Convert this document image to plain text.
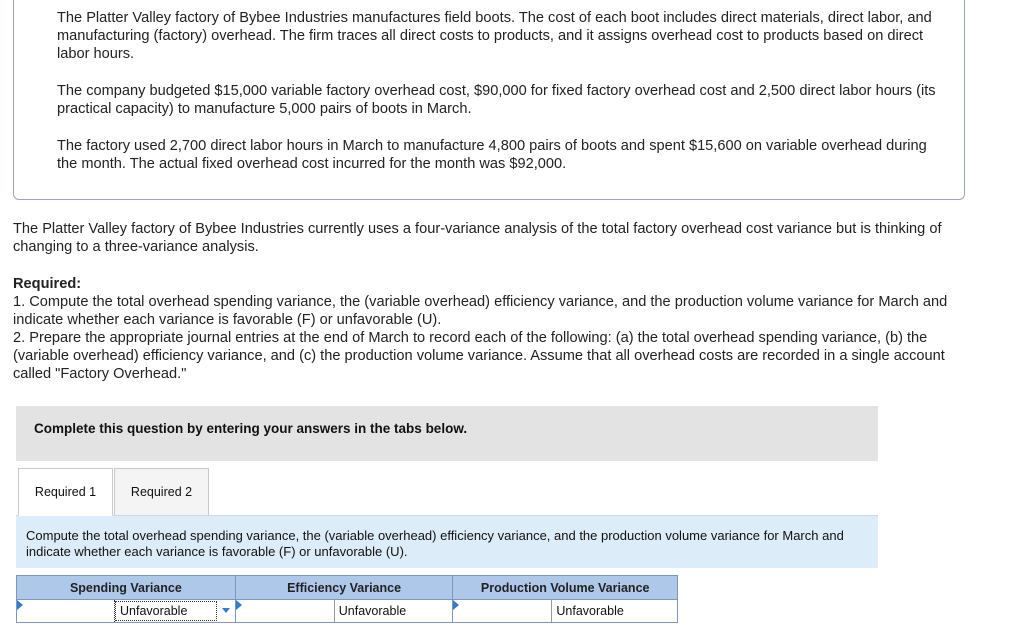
The Platter Valley factory of Bybee Industries manufactures field boots. The cost of each boot includes direct materials, direct labor, and manufacturing (factory) overhead. The firm traces all direct costs to products, and it assigns overhead cost to products based on direct labor hours.

The company budgeted $15,000 variable factory overhead cost, $90,000 for fixed factory overhead cost and 2,500 direct labor hours (its practical capacity) to manufacture 5,000 pairs of boots in March.

The factory used 2,700 direct labor hours in March to manufacture 4,800 pairs of boots and spent $15,600 on variable overhead during the month. The actual fixed overhead cost incurred for the month was $92,000.

The Platter Valley factory of Bybee Industries currently uses a four-variance analysis of the total factory overhead cost variance but is thinking of changing to a three-variance analysis.
Required:
1. Compute the total overhead spending variance, the (variable overhead) efficiency variance, and the production volume variance for March and indicate whether each variance is favorable (F) or unfavorable (U).
2. Prepare the appropriate journal entries at the end of March to record each of the following: (a) the total overhead spending variance, (b) the (variable overhead) efficiency variance, and (c) the production volume variance. Assume that all overhead costs are recorded in a single account called "Factory Overhead."
Complete this question by entering your answers in the tabs below.
Required 1	Required 2
Compute the total overhead spending variance, the (variable overhead) efficiency variance, and the production volume variance for March and indicate whether each variance is favorable (F) or unfavorable (U).
Spending Variance	Efficiency Variance	Production Volume Variance

Unfavorable	Unfavorable	Unfavorable
